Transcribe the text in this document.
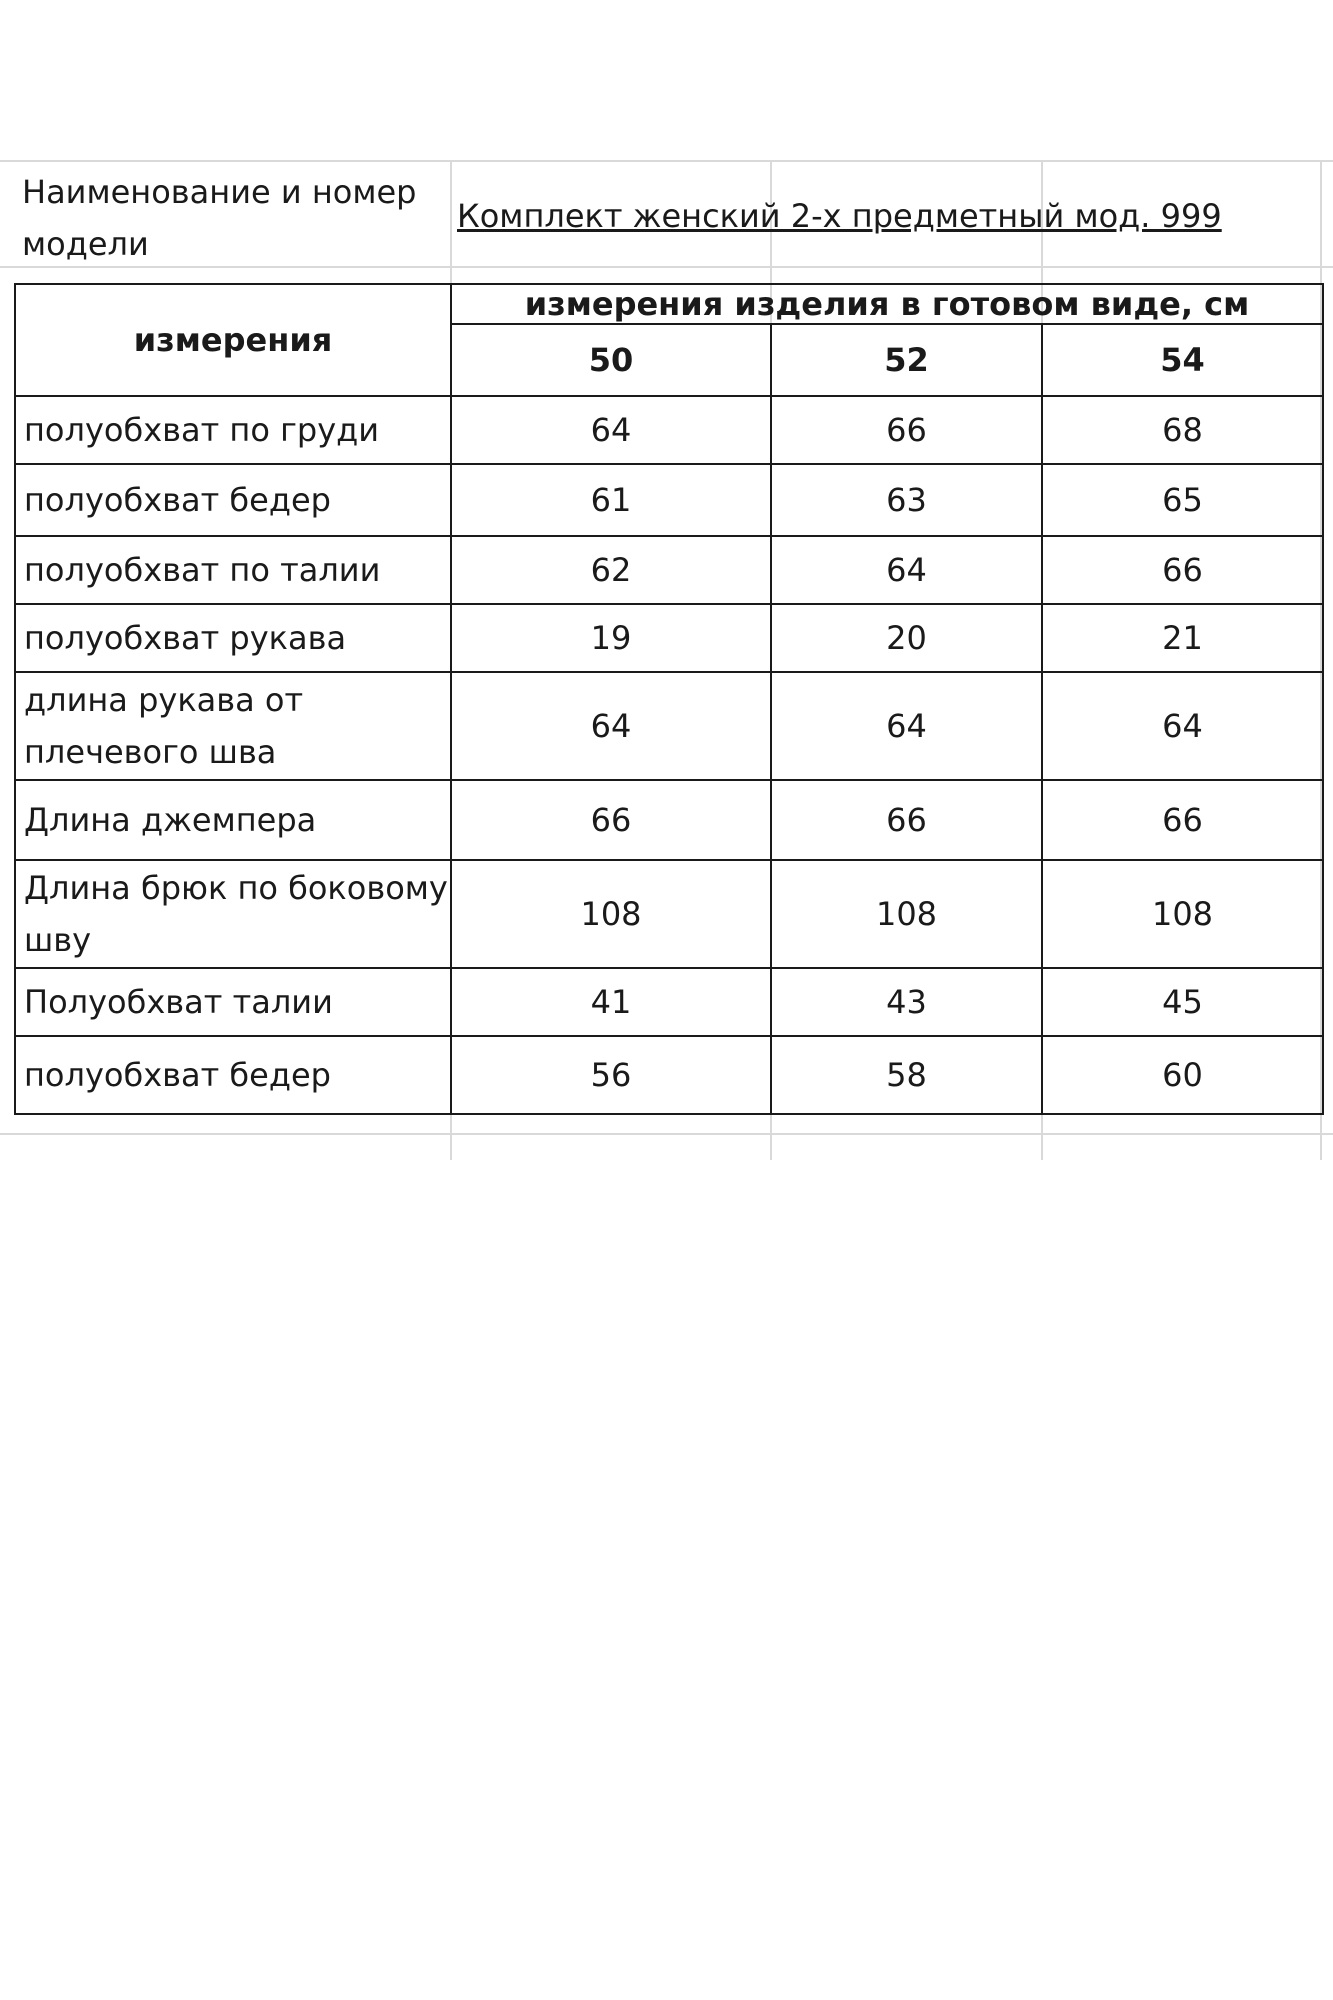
Наименование и номер модели
Комплект женский 2-х предметный мод. 999
измерения	измерения изделия в готовом виде, см		
	50	52	54
полуобхват по груди	64	66	68
полуобхват бедер	61	63	65
полуобхват по талии	62	64	66
полуобхват рукава	19	20	21
длина рукава от плечевого шва	64	64	64
Длина джемпера	66	66	66
Длина брюк по боковому шву	108	108	108
Полуобхват талии	41	43	45
полуобхват бедер	56	58	60
